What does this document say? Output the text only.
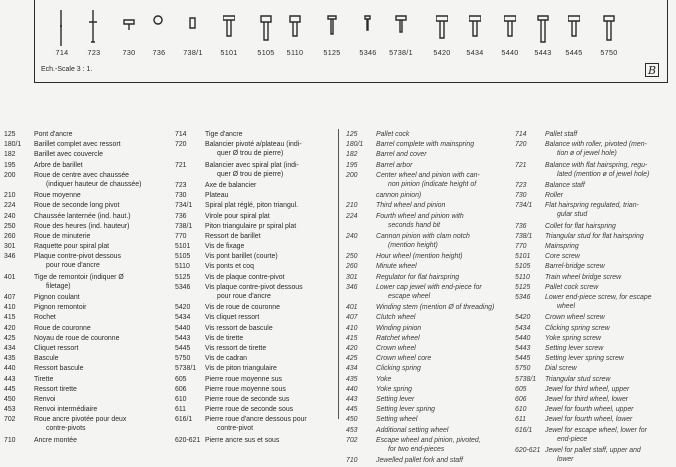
Ech.-Scale 3 : 1.	B
714	723	730 736 738/1 5101	5105 5110	5125	5346 5738/1	5420 5434 5440 5443 5445 5750
125	Pont d'ancre
180/1 Barillet complet avec ressort
182	Barillet avec couvercle
195	Arbre de barillet
200	Roue de centre avec chaussée
(indiquer hauteur de chaussée)
210	Roue moyenne
224	Roue de seconde long pivot
240	Chaussée lanternée (ind. haut.)
250	Roue des heures (ind. hauteur)
260	Roue de minuterie
301	Raquette pour spiral plat
346	Plaque contre-pivot dessous
pour roue d'ancre
401	Tige de remontoir (indiquer Ø
filetage)
407	Pignon coulant
410	Pignon remontoir
415	Rochet
420	Roue de couronne
425	Noyau de roue de couronne
434	Cliquet ressort
435	Bascule
440	Ressort bascule
443	Tirette
445	Ressort tirette
450	Renvoi
453	Renvoi intermédiaire
702	Roue ancre pivotée pour deux
contre-pivots
710	Ancre montée
714	Tige d'ancre
720	Balancier pivoté a/plateau (indi-
quer Ø trou de pierre)
721	Balancier avec spiral plat (indi-
quer Ø trou de pierre)
723	Axe de balancier
730	Plateau
734/1 Spiral plat réglé, piton triangul.
736	Virole pour spiral plat
738/1 Piton triangulaire pr spiral plat
770	Ressort de barillet
5101 Vis de fixage
5105 Vis pont barillet (courte)
5110 Vis ponts et coq
5125 Vis de plaque contre-pivot
5346 Vis plaque contre-pivot dessous
pour roue d'ancre
5420 Vis de roue de couronne
5434 Vis cliquet ressort
5440 Vis ressort de bascule
5443 Vis de tirette
5445 Vis ressort de tirette
5750 Vis de cadran
5738/1 Vis de piton triangulaire
605	Pierre roue moyenne sus
606	Pierre roue moyenne sous
610	Pierre roue de seconde sus
611	Pierre roue de seconde sous
616/1 Pierre roue d'ancre dessous pour
contre-pivot
620-621 Pierre ancre sus et sous
125	Pallet cock
180/1 Barrel complete with mainspring
182	Barrel and cover
195	Barrel arbor
200	Center wheel and pinion with can-
non pinion (indicate height of
cannon pinion)
210	Third wheel and pinion
224	Fourth wheel and pinion with
seconds hand bit
240	Cannon pinion with clam notch
(mention height)
250	Hour wheel (mention height)
260	Minute wheel
301	Regulator for flat hairspring
346	Lower cap jewel with end-piece for
escape wheel
401	Winding stem (mention Ø of threading)
407	Clutch wheel
410	Winding pinion
415	Ratchet wheel
420	Crown wheel
425	Crown wheel core
434	Clicking spring
435	Yoke
440	Yoke spring
443	Setting lever
445	Setting lever spring
450	Setting wheel
453	Additional setting wheel
702	Escape wheel and pinion, pivoted,
for two end-pieces
710	Jewelled pallet fork and staff
714	Pallet staff
720	Balance with roller, pivoted (men-
tion ø of jewel hole)
721	Balance with flat hairspring, regu-
lated (mention ø of jewel hole)
723	Balance staff
730	Roller
734/1 Flat hairspring regulated, trian-
gular stud
736	Collet for flat hairspring
738/1 Triangular stud for flat hairspring
770	Mainspring
5101 Core screw
5105 Barrel-bridge screw
5110 Train wheel bridge screw
5125 Pallet cock screw
5346 Lower end-piece screw, for escape
wheel
5420 Crown wheel screw
5434 Clicking spring screw
5440 Yoke spring screw
5443 Setting lever screw
5445 Setting lever spring screw
5750 Dial screw
5738/1 Triangular stud screw
605	Jewel for third wheel, upper
606	Jewel for third wheel, lower
610	Jewel for fourth wheel, upper
611	Jewel for fourth wheel, lower
616/1 Jewel for escape wheel, lower for
end-piece
620-621 Jewel for pallet staff, upper and
lower
